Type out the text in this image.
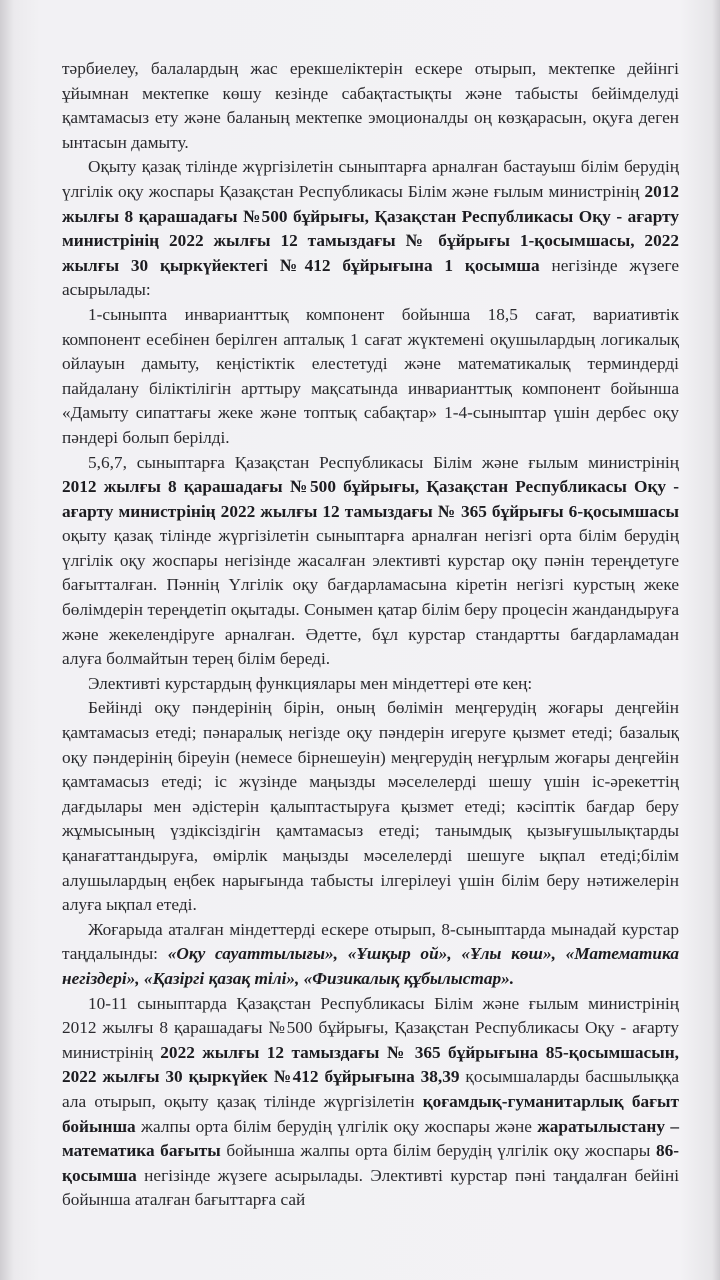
тәрбиелеу, балалардың жас ерекшеліктерін ескере отырып, мектепке дейінгі ұйымнан мектепке көшу кезінде сабақтастықты және табысты бейімделуді қамтамасыз ету және баланың мектепке эмоционалды оң көзқарасын, оқуға деген ынтасын дамыту.

Оқыту қазақ тілінде жүргізілетін сыныптарға арналған бастауыш білім берудің үлгілік оқу жоспары Қазақстан Республикасы Білім және ғылым министрінің 2012 жылғы 8 қарашадағы №500 бұйрығы, Қазақстан Республикасы Оқу - ағарту министрінің 2022 жылғы 12 тамыздағы № бұйрығы 1-қосымшасы, 2022 жылғы 30 қыркүйектегі №412 бұйрығына 1 қосымша негізінде жүзеге асырылады:

1-сыныпта инварианттық компонент бойынша 18,5 сағат, вариативтік компонент есебінен берілген апталық 1 сағат жүктемені оқушылардың логикалық ойлауын дамыту, кеңістіктік елестетуді және математикалық терминдерді пайдалану біліктілігін арттыру мақсатында инварианттық компонент бойынша «Дамыту сипаттағы жеке және топтық сабақтар» 1-4-сыныптар үшін дербес оқу пәндері болып берілді.

5,6,7, сыныптарға Қазақстан Республикасы Білім және ғылым министрінің 2012 жылғы 8 қарашадағы №500 бұйрығы, Қазақстан Республикасы Оқу - ағарту министрінің 2022 жылғы 12 тамыздағы № 365 бұйрығы 6-қосымшасы оқыту қазақ тілінде жүргізілетін сыныптарға арналған негізгі орта білім берудің үлгілік оқу жоспары негізінде жасалған элективті курстар оқу пәнін тереңдетуге бағытталған. Пәннің Үлгілік оқу бағдарламасына кіретін негізгі курстың жеке бөлімдерін тереңдетіп оқытады. Сонымен қатар білім беру процесін жандандыруға және жекелендіруге арналған. Әдетте, бұл курстар стандартты бағдарламадан алуға болмайтын терең білім береді.

Элективті курстардың функциялары мен міндеттері өте кең:

Бейінді оқу пәндерінің бірін, оның бөлімін меңгерудің жоғары деңгейін қамтамасыз етеді; пәнаралық негізде оқу пәндерін игеруге қызмет етеді; базалық оқу пәндерінің біреуін (немесе бірнешеуін) меңгерудің неғұрлым жоғары деңгейін қамтамасыз етеді; іс жүзінде маңызды мәселелерді шешу үшін іс-әрекеттің дағдылары мен әдістерін қалыптастыруға қызмет етеді; кәсіптік бағдар беру жұмысының үздіксіздігін қамтамасыз етеді; танымдық қызығушылықтарды қанағаттандыруға, өмірлік маңызды мәселелерді шешуге ықпал етеді;білім алушылардың еңбек нарығында табысты ілгерілеуі үшін білім беру нәтижелерін алуға ықпал етеді.

Жоғарыда аталған міндеттерді ескере отырып, 8-сыныптарда мынадай курстар таңдалынды: «Оқу сауаттылығы», «Ұшқыр ой», «Ұлы көш», «Математика негіздері», «Қазіргі қазақ тілі», «Физикалық құбылыстар».

10-11 сыныптарда Қазақстан Республикасы Білім және ғылым министрінің 2012 жылғы 8 қарашадағы №500 бұйрығы, Қазақстан Республикасы Оқу - ағарту министрінің 2022 жылғы 12 тамыздағы № 365 бұйрығына 85-қосымшасын, 2022 жылғы 30 қыркүйек №412 бұйрығына 38,39 қосымшаларды басшылыққа ала отырып, оқыту қазақ тілінде жүргізілетін қоғамдық-гуманитарлық бағыт бойынша жалпы орта білім берудің үлгілік оқу жоспары және жаратылыстану – математика бағыты бойынша жалпы орта білім берудің үлгілік оқу жоспары 86-қосымша негізінде жүзеге асырылады. Элективті курстар пәні таңдалған бейіні бойынша аталған бағыттарға сай
